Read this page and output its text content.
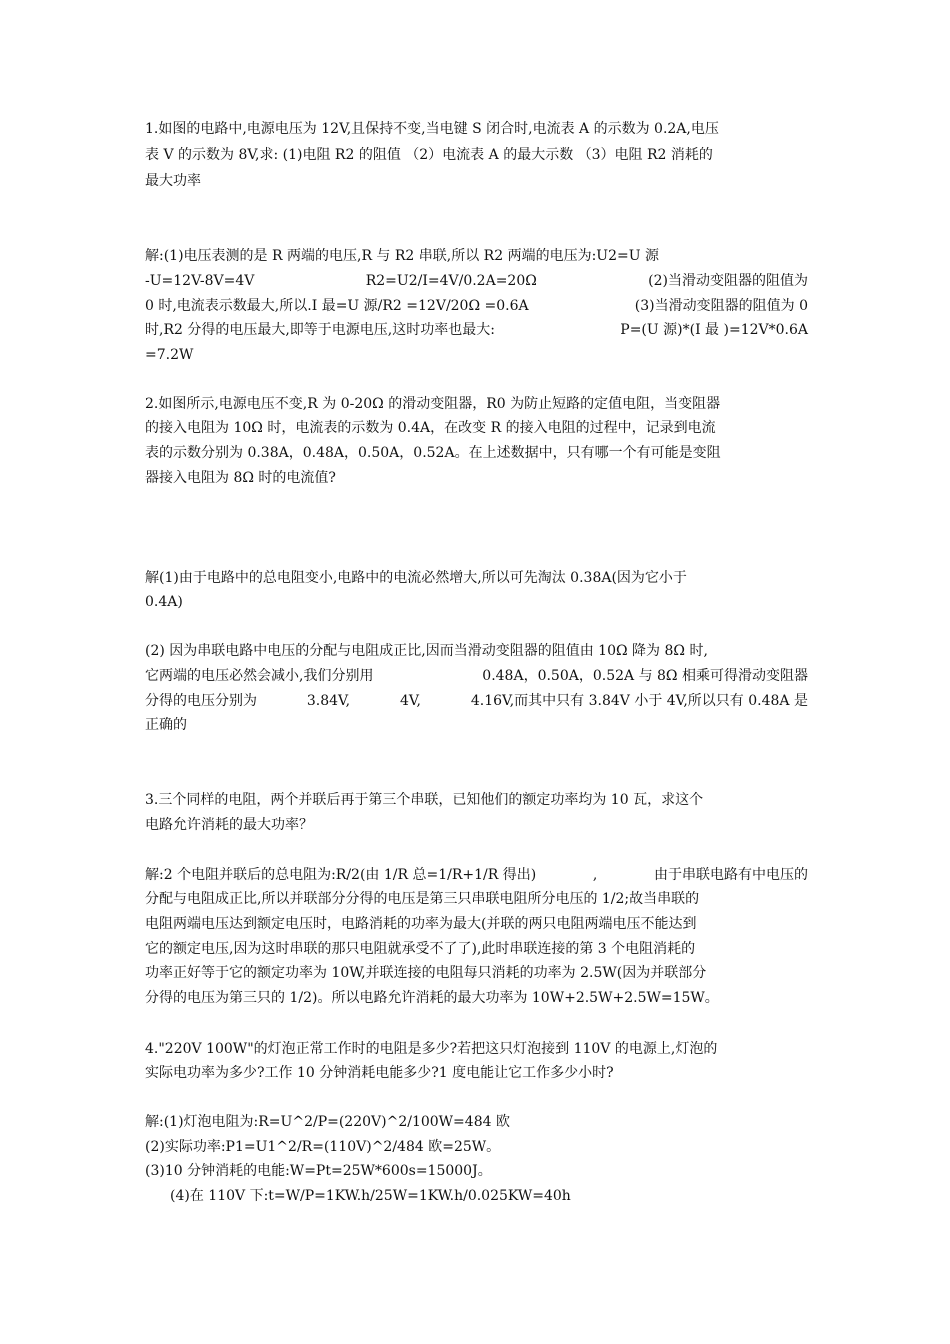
1.如图的电路中,电源电压为 12V,且保持不变,当电键 S 闭合时,电流表 A 的示数为 0.2A,电压
表 V 的示数为 8V,求: (1)电阻 R2 的阻值 （2）电流表 A 的最大示数 （3）电阻 R2 消耗的
最大功率
解:(1)电压表测的是 R 两端的电压,R 与 R2 串联,所以 R2 两端的电压为:U2=U 源
-U=12V-8V=4V	R2=U2/I=4V/0.2A=20Ω	(2)当滑动变阻器的阻值为
0 时,电流表示数最大,所以.I 最=U 源/R2 =12V/20Ω =0.6A	(3)当滑动变阻器的阻值为 0
时,R2 分得的电压最大,即等于电源电压,这时功率也最大:	P=(U 源)*(I 最 )=12V*0.6A
=7.2W
2.如图所示,电源电压不变,R 为 0-20Ω 的滑动变阻器，R0 为防止短路的定值电阻，当变阻器
的接入电阻为 10Ω 时，电流表的示数为 0.4A，在改变 R 的接入电阻的过程中，记录到电流
表的示数分别为 0.38A，0.48A，0.50A，0.52A。在上述数据中，只有哪一个有可能是变阻
器接入电阻为 8Ω 时的电流值?
解(1)由于电路中的总电阻变小,电路中的电流必然增大,所以可先淘汰 0.38A(因为它小于
0.4A)
(2) 因为串联电路中电压的分配与电阻成正比,因而当滑动变阻器的阻值由 10Ω 降为 8Ω 时,
它两端的电压必然会减小,我们分别用	0.48A，0.50A，0.52A 与 8Ω 相乘可得滑动变阻器
分得的电压分别为	3.84V,	4V,	4.16V,而其中只有 3.84V 小于 4V,所以只有 0.48A 是
正确的
3.三个同样的电阻，两个并联后再于第三个串联，已知他们的额定功率均为 10 瓦，求这个
电路允许消耗的最大功率？
解:2 个电阻并联后的总电阻为:R/2(由 1/R 总=1/R+1/R 得出)	,	由于串联电路有中电压的
分配与电阻成正比,所以并联部分分得的电压是第三只串联电阻所分电压的 1/2;故当串联的
电阻两端电压达到额定电压时，电路消耗的功率为最大(并联的两只电阻两端电压不能达到
它的额定电压,因为这时串联的那只电阻就承受不了了),此时串联连接的第 3 个电阻消耗的
功率正好等于它的额定功率为 10W,并联连接的电阻每只消耗的功率为 2.5W(因为并联部分
分得的电压为第三只的 1/2)。所以电路允许消耗的最大功率为 10W+2.5W+2.5W=15W。
4."220V 100W"的灯泡正常工作时的电阻是多少?若把这只灯泡接到 110V 的电源上,灯泡的
实际电功率为多少?工作 10 分钟消耗电能多少?1 度电能让它工作多少小时?
解:(1)灯泡电阻为:R=U^2/P=(220V)^2/100W=484 欧
(2)实际功率:P1=U1^2/R=(110V)^2/484 欧=25W。
(3)10 分钟消耗的电能:W=Pt=25W*600s=15000J。
(4)在 110V 下:t=W/P=1KW.h/25W=1KW.h/0.025KW=40h
